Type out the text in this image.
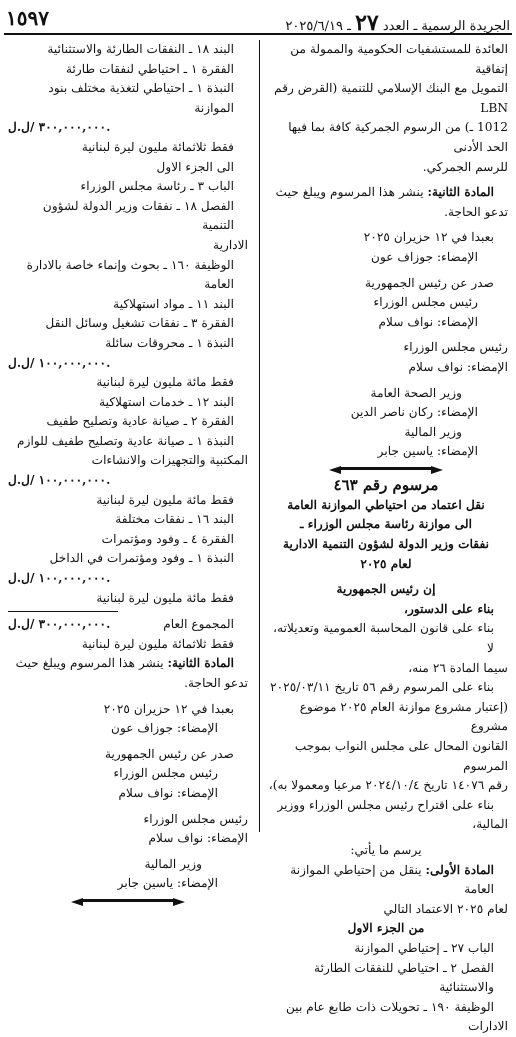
١٥٩٧	الجريدة الرسمية ـ العدد ٢٧ ـ ٢٠٢٥/٦/١٩

العائدة للمستشفيات الحكومية والممولة من إتفاقية

التمويل مع البنك الإسلامي للتنمية (القرض رقم LBN

1012 ـ) من الرسوم الجمركية كافة بما فيها الحد الأدنى

للرسم الجمركي.

المادة الثانية: ينشر هذا المرسوم ويبلغ حيث

تدعو الحاجة.

بعبدا في ١٢ حزيران ٢٠٢٥

الإمضاء: جوزاف عون

صدر عن رئيس الجمهورية

رئيس مجلس الوزراء

الإمضاء: نواف سلام

رئيس مجلس الوزراء

الإمضاء: نواف سلام

وزير الصحة العامة

الإمضاء: ركان ناصر الدين

وزير المالية

الإمضاء: ياسين جابر

مرسوم رقم ٤٦٣

نقل اعتماد من احتياطي الموازنة العامة

الى موازنة رئاسة مجلس الوزراء ـ

نفقات وزير الدولة لشؤون التنمية الادارية

لعام ٢٠٢٥

إن رئيس الجمهورية

بناء على الدستور،

بناء على قانون المحاسبة العمومية وتعديلاته، لا

سيما المادة ٢٦ منه،

بناء على المرسوم رقم ٥٦ تاريخ ٢٠٢٥/٠٣/١١

(إعتبار مشروع موازنة العام ٢٠٢٥ موضوع مشروع

القانون المحال على مجلس النواب بموجب المرسوم

رقم ١٤٠٧٦ تاريخ ٢٠٢٤/١٠/٤ مرعيا ومعمولا به)،

بناء على اقتراح رئيس مجلس الوزراء ووزير

المالية،

يرسم ما يأتي:

المادة الأولى: ينقل من إحتياطي الموازنة العامة

لعام ٢٠٢٥ الاعتماد التالي

من الجزء الاول

الباب ٢٧ ـ إحتياطي الموازنة

الفصل ٢ ـ احتياطي للنفقات الطارئة والاستثنائية

الوظيفة ١٩٠ ـ تحويلات ذات طابع عام بين

الادارات

البند ١٨ ـ النفقات الطارئة والاستثنائية

الفقرة ١ ـ احتياطي لنفقات طارئة

النبذة ١ ـ احتياطي لتغذية مختلف بنود الموازنة

٣٠٠,٠٠٠,٠٠٠ /ل.ل.

فقط ثلاثمائة مليون ليرة لبنانية

الى الجزء الاول

الباب ٣ ـ رئاسة مجلس الوزراء

الفصل ١٨ ـ نفقات وزير الدولة لشؤون التنمية

الادارية

الوظيفة ١٦٠ ـ بحوث وإنماء خاصة بالادارة العامة

البند ١١ ـ مواد استهلاكية

الفقرة ٣ ـ نفقات تشغيل وسائل النقل

النبذة ١ ـ محروقات سائلة

١٠٠,٠٠٠,٠٠٠ /ل.ل.

فقط مائة مليون ليرة لبنانية

البند ١٢ ـ خدمات استهلاكية

الفقرة ٢ ـ صيانة عادية وتصليح طفيف

النبذة ١ ـ صيانة عادية وتصليح طفيف للوازم

المكتبية والتجهيزات والانشاءات

١٠٠,٠٠٠,٠٠٠ /ل.ل.

فقط مائة مليون ليرة لبنانية

البند ١٦ ـ نفقات مختلفة

الفقرة ٤ ـ وفود ومؤتمرات

النبذة ١ ـ وفود ومؤتمرات في الداخل

١٠٠,٠٠٠,٠٠٠ /ل.ل.

فقط مائة مليون ليرة لبنانية

المجموع العام
٣٠٠,٠٠٠,٠٠٠ /ل.ل.

فقط ثلاثمائة مليون ليرة لبنانية

المادة الثانية: ينشر هذا المرسوم ويبلغ حيث

تدعو الحاجة.

بعبدا في ١٢ حزيران ٢٠٢٥

الإمضاء: جوزاف عون

صدر عن رئيس الجمهورية

رئيس مجلس الوزراء

الإمضاء: نواف سلام

رئيس مجلس الوزراء

الإمضاء: نواف سلام

وزير المالية

الإمضاء: ياسين جابر
